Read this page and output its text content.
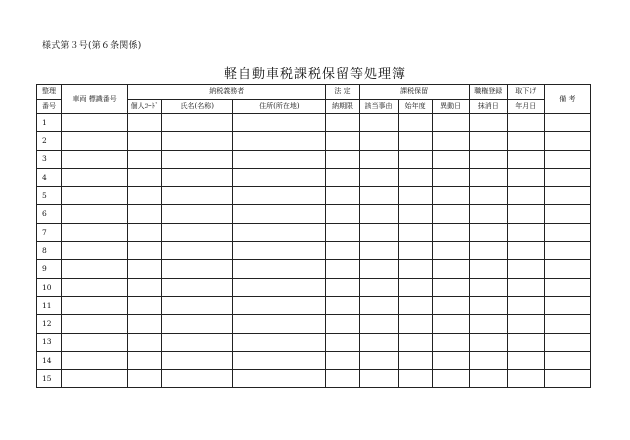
様式第３号(第６条関係)
軽自動車税課税保留等処理簿
整理	車両 標識番号	納税義務者			法 定	課税保留			職権登録	取下げ	備 考
番号		個人ｺｰﾄﾞ	氏名(名称)	住所(所在地)	納期限	該当事由	始年度	異動日	抹消日	年月日	
1											
2											
3											
4											
5											
6											
7											
8											
9											
10											
11											
12											
13											
14											
15											
